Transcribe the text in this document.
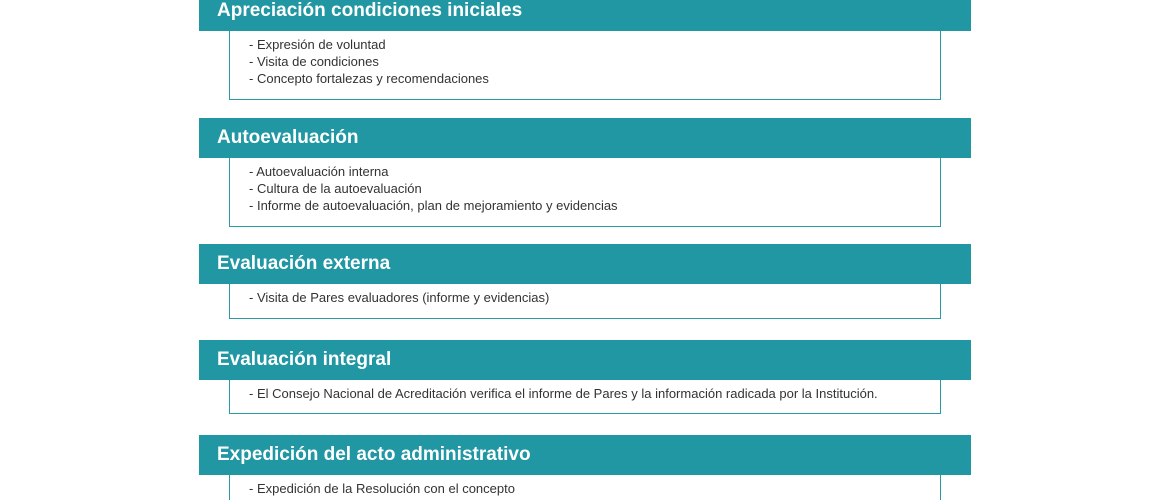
Apreciación condiciones iniciales
- Expresión de voluntad
- Visita de condiciones
- Concepto fortalezas y recomendaciones
Autoevaluación
- Autoevaluación interna
- Cultura de la autoevaluación
- Informe de autoevaluación, plan de mejoramiento y evidencias
Evaluación externa
- Visita de Pares evaluadores (informe y evidencias)
Evaluación integral
- El Consejo Nacional de Acreditación verifica el informe de Pares y la información radicada por la Institución.
Expedición del acto administrativo
- Expedición de la Resolución con el concepto
